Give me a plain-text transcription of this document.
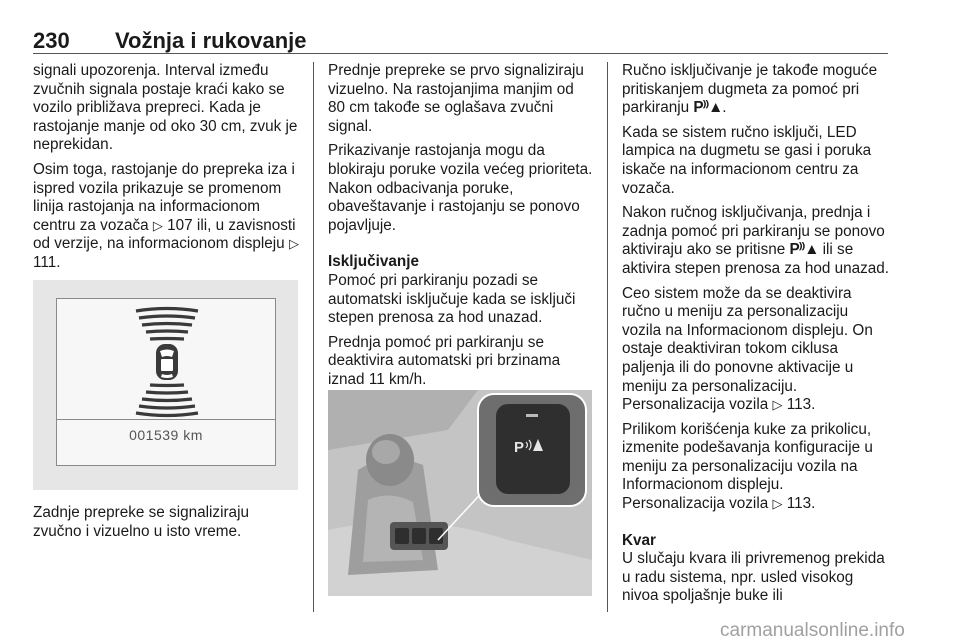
230 Vožnja i rukovanje

signali upozorenja. Interval između zvučnih signala postaje kraći kako se vozilo približava prepreci. Kada je rastojanje manje od oko 30 cm, zvuk je neprekidan.

Osim toga, rastojanje do prepreka iza i ispred vozila prikazuje se promenom linija rastojanja na informacionom centru za vozača ▷ 107 ili, u zavisnosti od verzije, na informacionom displeju ▷ 111.

001539 km

Zadnje prepreke se signaliziraju zvučno i vizuelno u isto vreme.

Prednje prepreke se prvo signaliziraju vizuelno. Na rastojanjima manjim od 80 cm takođe se oglašava zvučni signal.

Prikazivanje rastojanja mogu da blokiraju poruke vozila većeg prioriteta. Nakon odbacivanja poruke, obaveštavanje i rastojanju se ponovo pojavljuje.

Isključivanje

Pomoć pri parkiranju pozadi se automatski isključuje kada se isključi stepen prenosa za hod unazad.

Prednja pomoć pri parkiranju se deaktivira automatski pri brzinama iznad 11 km/h.

P

Ručno isključivanje je takođe moguće pritiskanjem dugmeta za pomoć pri parkiranju P⁾⁾▲.

Kada se sistem ručno isključi, LED lampica na dugmetu se gasi i poruka iskače na informacionom centru za vozača.

Nakon ručnog isključivanja, prednja i zadnja pomoć pri parkiranju se ponovo aktiviraju ako se pritisne P⁾⁾▲ ili se aktivira stepen prenosa za hod unazad.

Ceo sistem može da se deaktivira ručno u meniju za personalizaciju vozila na Informacionom displeju. On ostaje deaktiviran tokom ciklusa paljenja ili do ponovne aktivacije u meniju za personalizaciju.
Personalizacija vozila ▷ 113.

Prilikom korišćenja kuke za prikolicu, izmenite podešavanja konfiguracije u meniju za personalizaciju vozila na Informacionom displeju.
Personalizacija vozila ▷ 113.

Kvar

U slučaju kvara ili privremenog prekida u radu sistema, npr. usled visokog nivoa spoljašnje buke ili

carmanualsonline.info
